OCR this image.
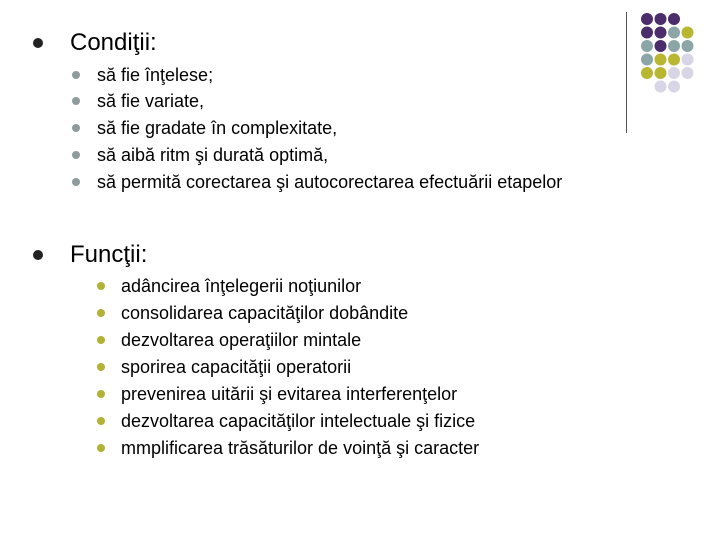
Condiţii:
să fie înţelese;
să fie variate,
să fie gradate în complexitate,
să aibă ritm şi durată optimă,
să permită corectarea şi autocorectarea efectuării etapelor
Funcţii:
adâncirea înţelegerii noţiunilor
consolidarea capacităţilor dobândite
dezvoltarea operaţiilor mintale
sporirea capacităţii operatorii
prevenirea uitării şi evitarea interferenţelor
dezvoltarea capacităţilor intelectuale şi fizice
mmplificarea trăsăturilor de voinţă şi caracter
